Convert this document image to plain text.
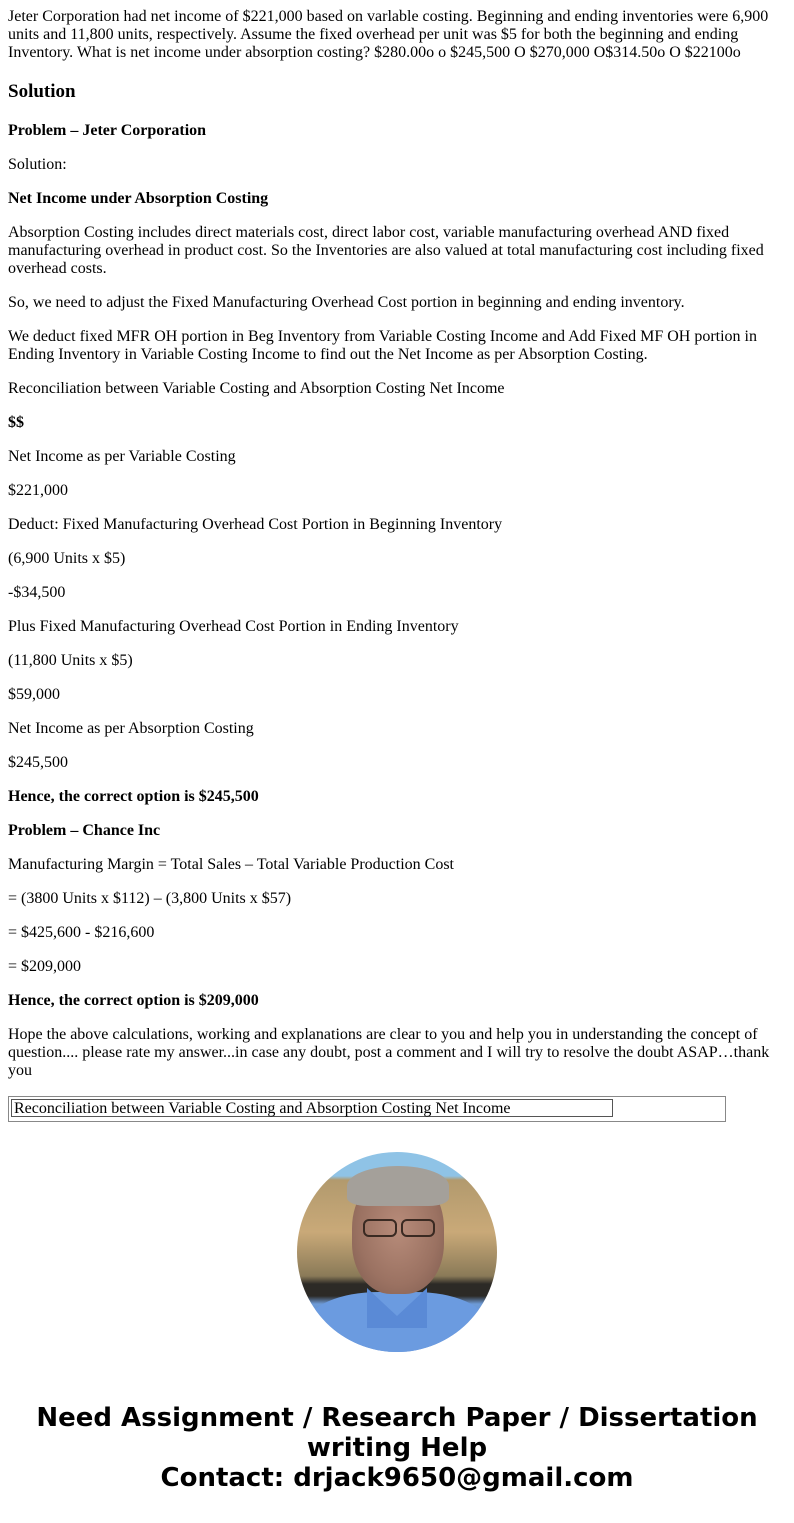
Jeter Corporation had net income of $221,000 based on varlable costing. Beginning and ending inventories were 6,900 units and 11,800 units, respectively. Assume the fixed overhead per unit was $5 for both the beginning and ending Inventory. What is net income under absorption costing? $280.00o o $245,500 O $270,000 O$314.50o O $22100o

Solution

Problem – Jeter Corporation

Solution:

Net Income under Absorption Costing

Absorption Costing includes direct materials cost, direct labor cost, variable manufacturing overhead AND fixed manufacturing overhead in product cost. So the Inventories are also valued at total manufacturing cost including fixed overhead costs.

So, we need to adjust the Fixed Manufacturing Overhead Cost portion in beginning and ending inventory.

We deduct fixed MFR OH portion in Beg Inventory from Variable Costing Income and Add Fixed MF OH portion in Ending Inventory in Variable Costing Income to find out the Net Income as per Absorption Costing.

Reconciliation between Variable Costing and Absorption Costing Net Income

$$

Net Income as per Variable Costing

$221,000

Deduct: Fixed Manufacturing Overhead Cost Portion in Beginning Inventory

(6,900 Units x $5)

-$34,500

Plus Fixed Manufacturing Overhead Cost Portion in Ending Inventory

(11,800 Units x $5)

$59,000

Net Income as per Absorption Costing

$245,500

Hence, the correct option is $245,500

Problem – Chance Inc

Manufacturing Margin = Total Sales – Total Variable Production Cost

= (3800 Units x $112) – (3,800 Units x $57)

= $425,600 - $216,600

= $209,000

Hence, the correct option is $209,000

Hope the above calculations, working and explanations are clear to you and help you in understanding the concept of question.... please rate my answer...in case any doubt, post a comment and I will try to resolve the doubt ASAP…thank you

Reconciliation between Variable Costing and Absorption Costing Net Income
Need Assignment / Research Paper / Dissertation
writing Help
Contact: drjack9650@gmail.com
